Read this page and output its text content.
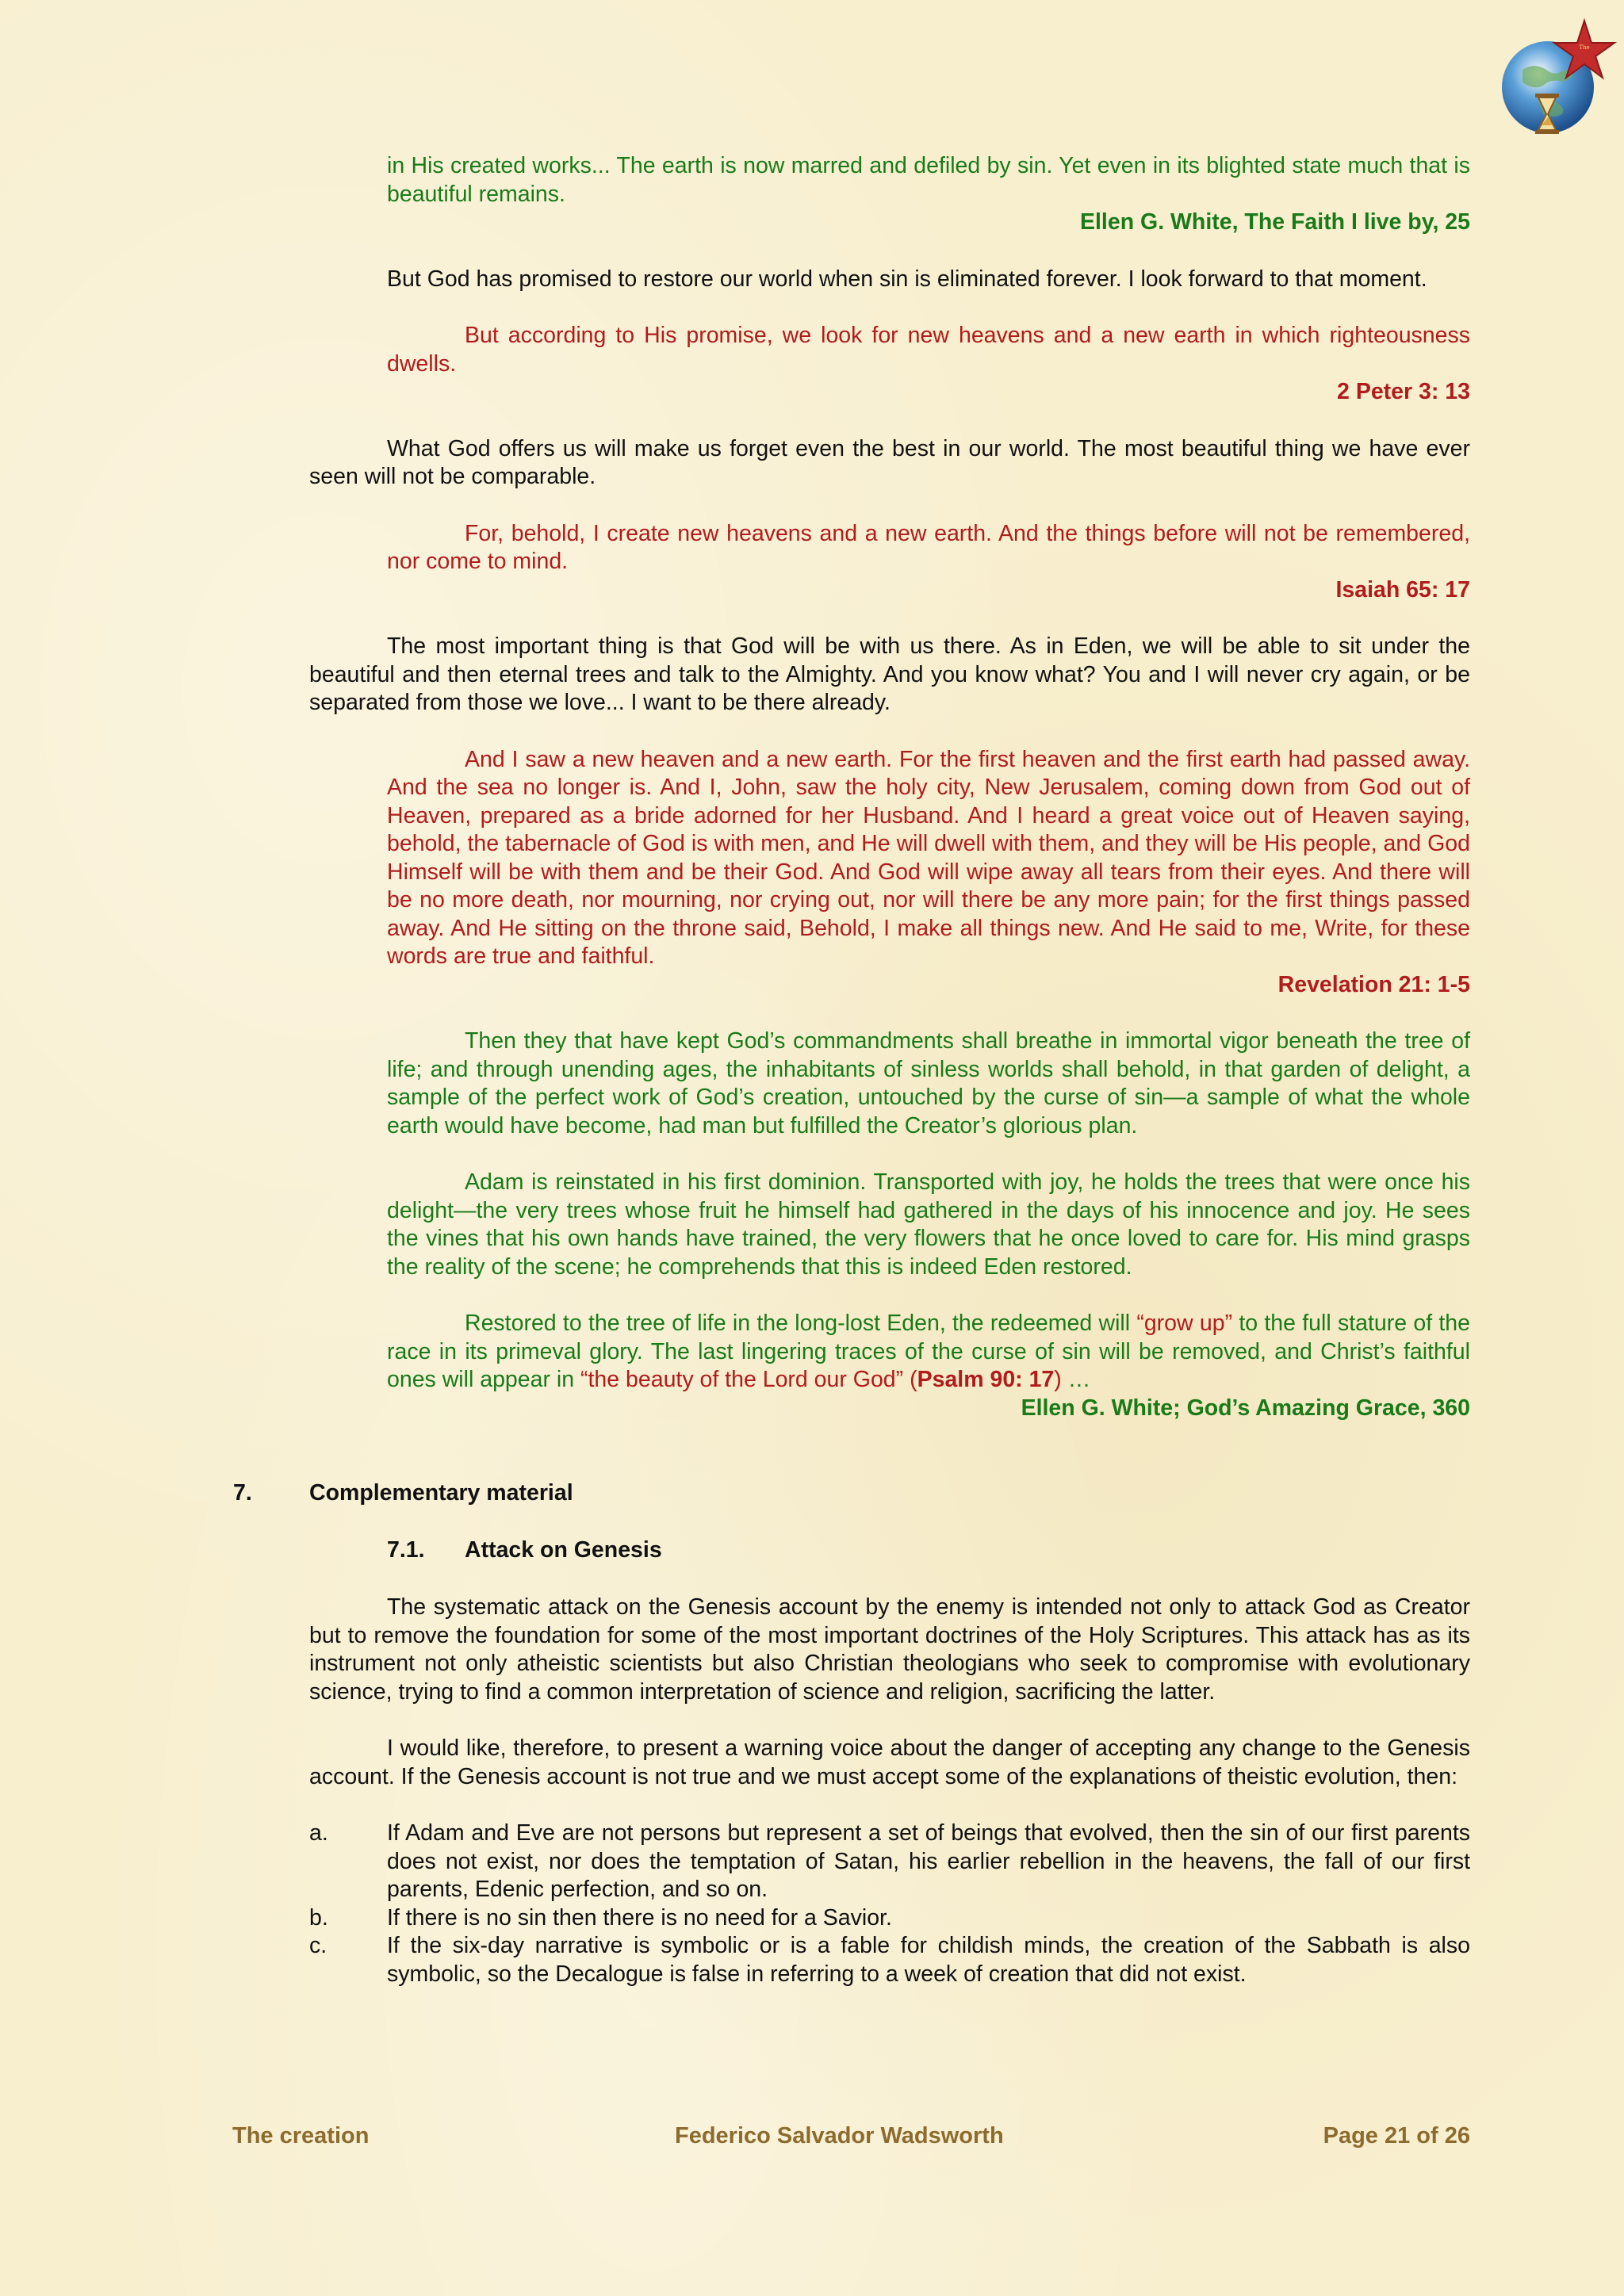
The
in His created works... The earth is now marred and defiled by sin. Yet even in its blighted state much that is beautiful remains.
Ellen G. White, The Faith I live by, 25
But God has promised to restore our world when sin is eliminated forever. I look forward to that moment.
But according to His promise, we look for new heavens and a new earth in which righteousness dwells.
2 Peter 3: 13
What God offers us will make us forget even the best in our world. The most beautiful thing we have ever seen will not be comparable.
For, behold, I create new heavens and a new earth. And the things before will not be remembered, nor come to mind.
Isaiah 65: 17
The most important thing is that God will be with us there. As in Eden, we will be able to sit under the beautiful and then eternal trees and talk to the Almighty. And you know what? You and I will never cry again, or be separated from those we love... I want to be there already.
And I saw a new heaven and a new earth. For the first heaven and the first earth had passed away. And the sea no longer is. And I, John, saw the holy city, New Jerusalem, coming down from God out of Heaven, prepared as a bride adorned for her Husband. And I heard a great voice out of Heaven saying, behold, the tabernacle of God is with men, and He will dwell with them, and they will be His people, and God Himself will be with them and be their God. And God will wipe away all tears from their eyes. And there will be no more death, nor mourning, nor crying out, nor will there be any more pain; for the first things passed away. And He sitting on the throne said, Behold, I make all things new. And He said to me, Write, for these words are true and faithful.
Revelation 21: 1-5
Then they that have kept God’s commandments shall breathe in immortal vigor beneath the tree of life; and through unending ages, the inhabitants of sinless worlds shall behold, in that garden of delight, a sample of the perfect work of God’s creation, untouched by the curse of sin—a sample of what the whole earth would have become, had man but fulfilled the Creator’s glorious plan.
Adam is reinstated in his first dominion. Transported with joy, he holds the trees that were once his delight—the very trees whose fruit he himself had gathered in the days of his innocence and joy. He sees the vines that his own hands have trained, the very flowers that he once loved to care for. His mind grasps the reality of the scene; he comprehends that this is indeed Eden restored.
Restored to the tree of life in the long-lost Eden, the redeemed will “grow up” to the full stature of the race in its primeval glory. The last lingering traces of the curse of sin will be removed, and Christ’s faithful ones will appear in “the beauty of the Lord our God” (Psalm 90: 17) …
Ellen G. White; God’s Amazing Grace, 360
7.	Complementary material
7.1. Attack on Genesis
The systematic attack on the Genesis account by the enemy is intended not only to attack God as Creator but to remove the foundation for some of the most important doctrines of the Holy Scriptures. This attack has as its instrument not only atheistic scientists but also Christian theologians who seek to compromise with evolutionary science, trying to find a common interpretation of science and religion, sacrificing the latter.
I would like, therefore, to present a warning voice about the danger of accepting any change to the Genesis account. If the Genesis account is not true and we must accept some of the explanations of theistic evolution, then:
a.	If Adam and Eve are not persons but represent a set of beings that evolved, then the sin of our first parents does not exist, nor does the temptation of Satan, his earlier rebellion in the heavens, the fall of our first parents, Edenic perfection, and so on.
b.	If there is no sin then there is no need for a Savior.
c.	If the six-day narrative is symbolic or is a fable for childish minds, the creation of the Sabbath is also symbolic, so the Decalogue is false in referring to a week of creation that did not exist.
The creation	Federico Salvador Wadsworth	Page 21 of 26
